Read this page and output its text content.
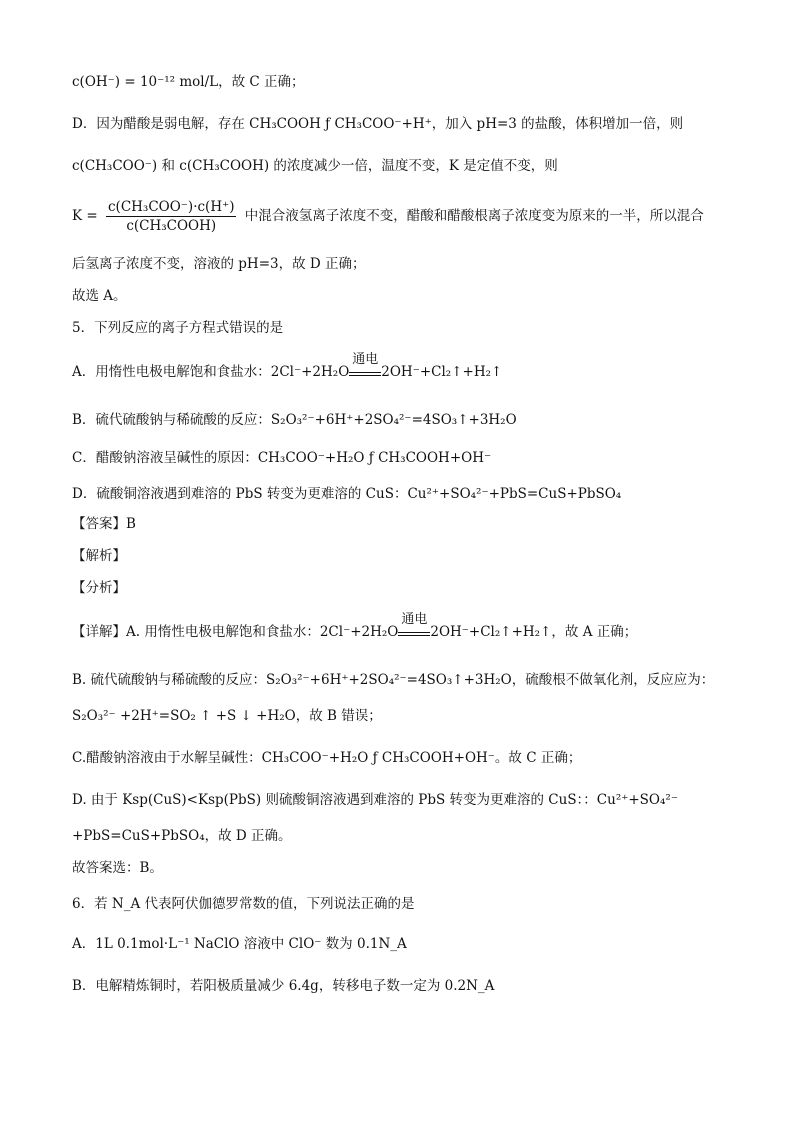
c(OH⁻) = 10⁻¹² mol/L，故 C 正确；
D．因为醋酸是弱电解，存在 CH₃COOH ƒ CH₃COO⁻+H⁺，加入 pH=3 的盐酸，体积增加一倍，则
c(CH₃COO⁻) 和 c(CH₃COOH) 的浓度减少一倍，温度不变，K 是定值不变，则
$K = \frac{\text{c(CH₃COO⁻)·c(H⁺)}}{\text{c(CH₃COOH)}}$ 中混合液氢离子浓度不变，醋酸和醋酸根离子浓度变为原来的一半，所以混合
后氢离子浓度不变，溶液的 pH=3，故 D 正确；
故选 A。
5．下列反应的离子方程式错误的是
A．用惰性电极电解饱和食盐水：2Cl⁻+2H₂O
通电
2OH⁻+Cl₂↑+H₂↑
B．硫代硫酸钠与稀硫酸的反应：S₂O₃²⁻+6H⁺+2SO₄²⁻=4SO₃↑+3H₂O
C．醋酸钠溶液呈碱性的原因：CH₃COO⁻+H₂O ƒ CH₃COOH+OH⁻
D．硫酸铜溶液遇到难溶的 PbS 转变为更难溶的 CuS：Cu²⁺+SO₄²⁻+PbS=CuS+PbSO₄
【答案】B
【解析】
【分析】
【详解】A. 用惰性电极电解饱和食盐水：2Cl⁻+2H₂O
通电
2OH⁻+Cl₂↑+H₂↑，故 A 正确；
B. 硫代硫酸钠与稀硫酸的反应：S₂O₃²⁻+6H⁺+2SO₄²⁻=4SO₃↑+3H₂O，硫酸根不做氧化剂，反应应为：
S₂O₃²⁻ +2H⁺=SO₂ ↑ +S ↓ +H₂O，故 B 错误；
C.醋酸钠溶液由于水解呈碱性：CH₃COO⁻+H₂O ƒ CH₃COOH+OH⁻。故 C 正确；
D. 由于 Ksp(CuS)<Ksp(PbS) 则硫酸铜溶液遇到难溶的 PbS 转变为更难溶的 CuS：：Cu²⁺+SO₄²⁻
+PbS=CuS+PbSO₄，故 D 正确。
故答案选：B。
6．若 N_A 代表阿伏伽德罗常数的值，下列说法正确的是
A．1L 0.1mol·L⁻¹ NaClO 溶液中 ClO⁻ 数为 0.1N_A
B．电解精炼铜时，若阳极质量减少 6.4g，转移电子数一定为 0.2N_A
